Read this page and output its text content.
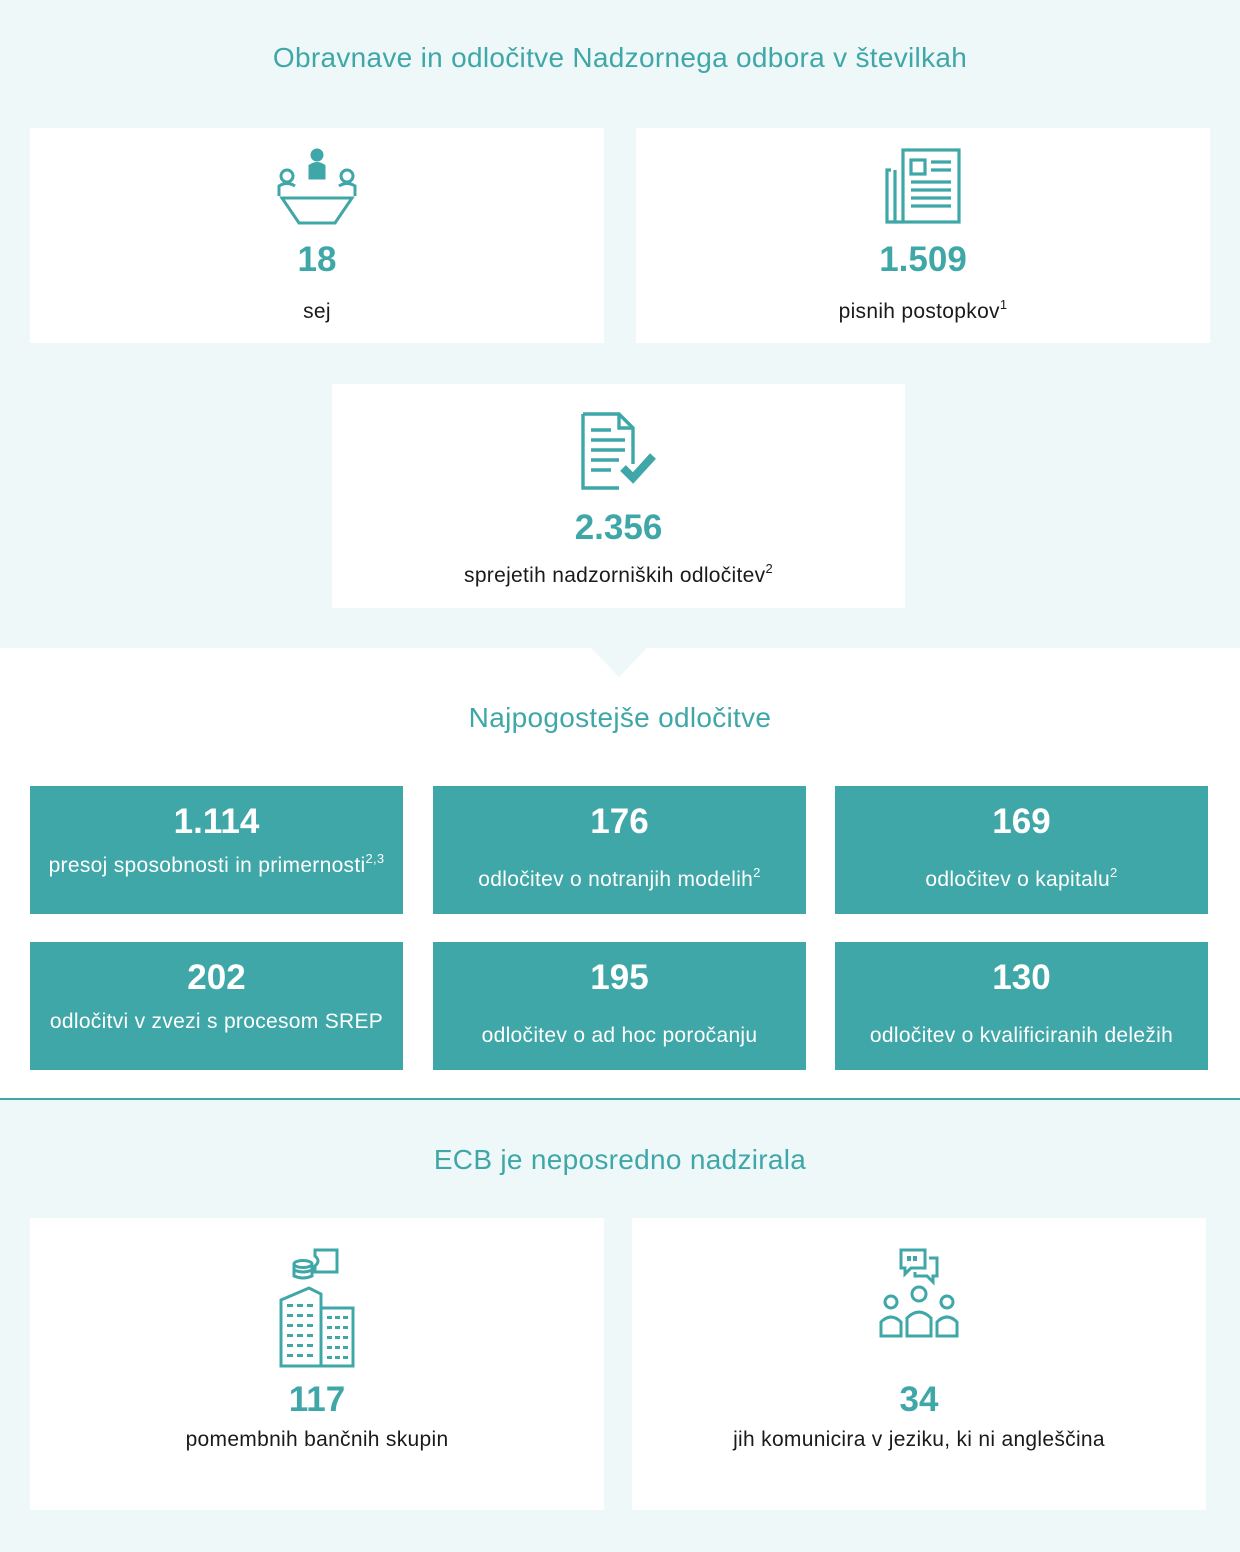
Obravnave in odločitve Nadzornega odbora v številkah
18
sej
1.509
pisnih postopkov$^1$
2.356
sprejetih nadzorniških odločitev$^2$
Najpogostejše odločitve
1.114
presoj sposobnosti in primernosti$^{2,3}$
176
odločitev o notranjih modelih$^2$
169
odločitev o kapitalu$^2$
202
odločitvi v zvezi s procesom SREP
195
odločitev o ad hoc poročanju
130
odločitev o kvalificiranih deležih
ECB je neposredno nadzirala
117
pomembnih bančnih skupin
34
jih komunicira v jeziku, ki ni angleščina
